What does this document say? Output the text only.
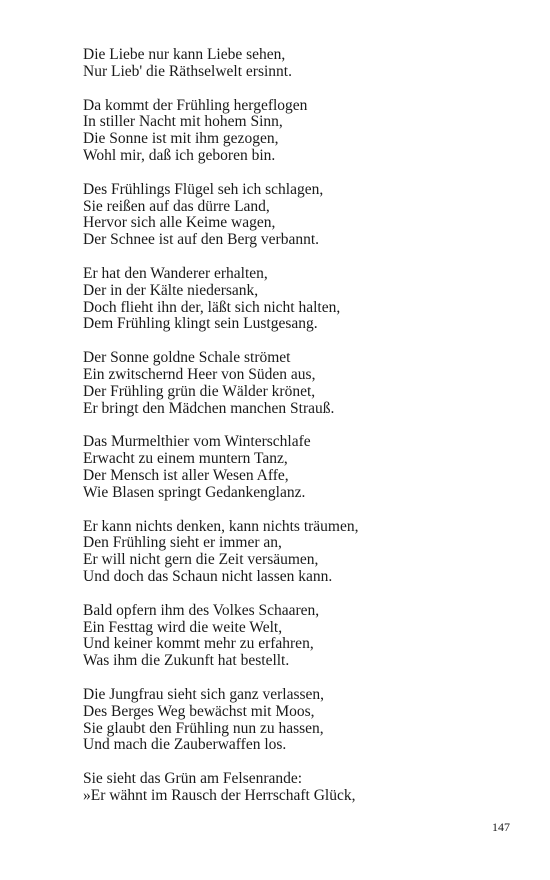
Die Liebe nur kann Liebe sehen,
Nur Lieb' die Räthselwelt ersinnt.
Da kommt der Frühling hergeflogen
In stiller Nacht mit hohem Sinn,
Die Sonne ist mit ihm gezogen,
Wohl mir, daß ich geboren bin.
Des Frühlings Flügel seh ich schlagen,
Sie reißen auf das dürre Land,
Hervor sich alle Keime wagen,
Der Schnee ist auf den Berg verbannt.
Er hat den Wanderer erhalten,
Der in der Kälte niedersank,
Doch flieht ihn der, läßt sich nicht halten,
Dem Frühling klingt sein Lustgesang.
Der Sonne goldne Schale strömet
Ein zwitschernd Heer von Süden aus,
Der Frühling grün die Wälder krönet,
Er bringt den Mädchen manchen Strauß.
Das Murmelthier vom Winterschlafe
Erwacht zu einem muntern Tanz,
Der Mensch ist aller Wesen Affe,
Wie Blasen springt Gedankenglanz.
Er kann nichts denken, kann nichts träumen,
Den Frühling sieht er immer an,
Er will nicht gern die Zeit versäumen,
Und doch das Schaun nicht lassen kann.
Bald opfern ihm des Volkes Schaaren,
Ein Festtag wird die weite Welt,
Und keiner kommt mehr zu erfahren,
Was ihm die Zukunft hat bestellt.
Die Jungfrau sieht sich ganz verlassen,
Des Berges Weg bewächst mit Moos,
Sie glaubt den Frühling nun zu hassen,
Und mach die Zauberwaffen los.
Sie sieht das Grün am Felsenrande:
»Er wähnt im Rausch der Herrschaft Glück,
147
